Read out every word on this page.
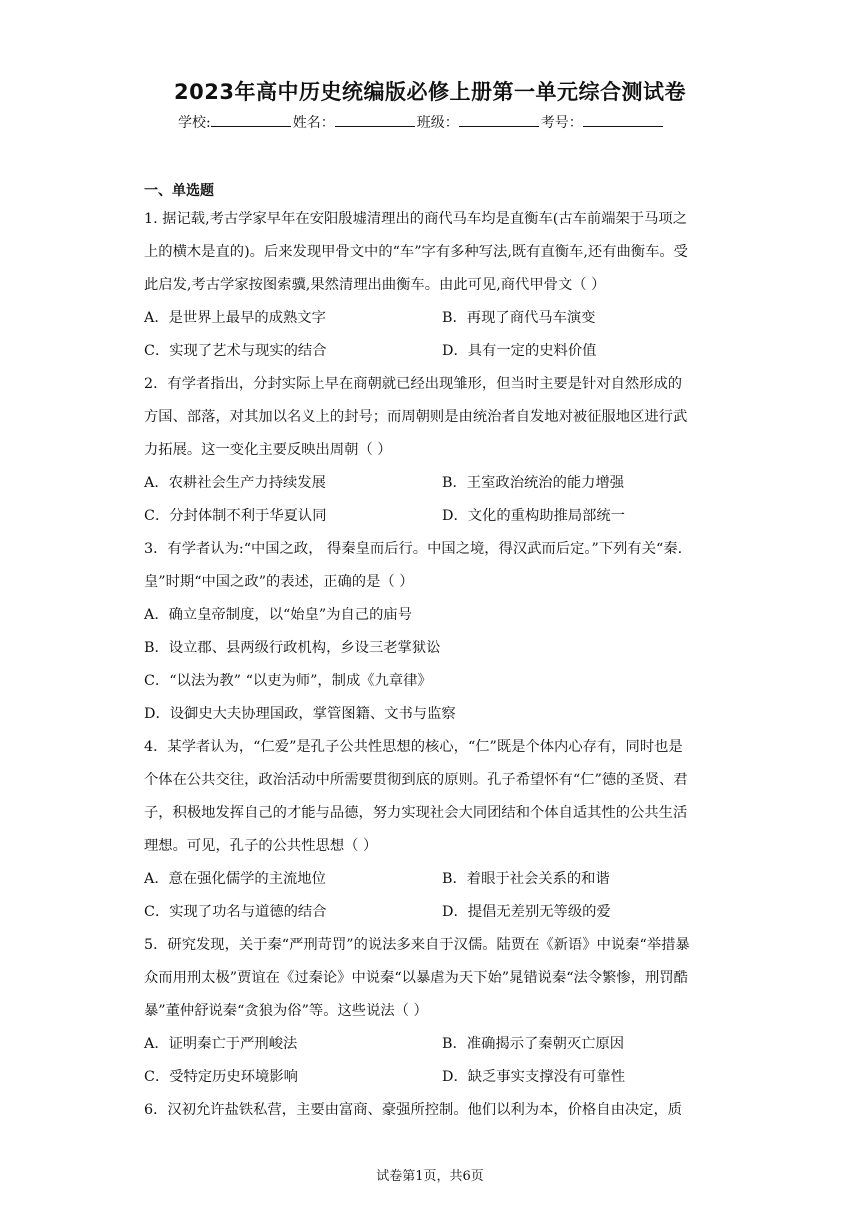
2023年高中历史统编版必修上册第一单元综合测试卷
学校:	姓名：	班级：	考号：
一、单选题

1. 据记载,考古学家早年在安阳殷墟清理出的商代马车均是直衡车(古车前端架于马项之

上的横木是直的)。后来发现甲骨文中的“车”字有多种写法,既有直衡车,还有曲衡车。受

此启发,考古学家按图索骥,果然清理出曲衡车。由此可见,商代甲骨文（ ）

A．是世界上最早的成熟文字	B．再现了商代马车演变
C．实现了艺术与现实的结合	D．具有一定的史料价值

2．有学者指出，分封实际上早在商朝就已经出现雏形，但当时主要是针对自然形成的

方国、部落，对其加以名义上的封号；而周朝则是由统治者自发地对被征服地区进行武

力拓展。这一变化主要反映出周朝（ ）

A．农耕社会生产力持续发展	B．王室政治统治的能力增强
C．分封体制不利于华夏认同	D．文化的重构助推局部统一

3．有学者认为:“中国之政， 得秦皇而后行。中国之境，得汉武而后定。”下列有关“秦.

皇”时期“中国之政”的表述，正确的是（ ）

A．确立皇帝制度，以“始皇”为自己的庙号
B．设立郡、县两级行政机构，乡设三老掌狱讼
C．“以法为教” “以吏为师”，制成《九章律》
D．设御史大夫协理国政，掌管图籍、文书与监察

4．某学者认为，“仁爱”是孔子公共性思想的核心，“仁”既是个体内心存有，同时也是

个体在公共交往，政治活动中所需要贯彻到底的原则。孔子希望怀有“仁”德的圣贤、君

子，积极地发挥自己的才能与品德，努力实现社会大同团结和个体自适其性的公共生活

理想。可见，孔子的公共性思想（ ）

A．意在强化儒学的主流地位	B．着眼于社会关系的和谐
C．实现了功名与道德的结合	D．提倡无差别无等级的爱

5．研究发现，关于秦“严刑苛罚”的说法多来自于汉儒。陆贾在《新语》中说秦“举措暴

众而用刑太极”贾谊在《过秦论》中说秦“以暴虐为天下始”晁错说秦“法令繁惨，刑罚酷

暴”董仲舒说秦“贪狼为俗”等。这些说法（ ）

A．证明秦亡于严刑峻法	B．准确揭示了秦朝灭亡原因
C．受特定历史环境影响	D．缺乏事实支撑没有可靠性

6．汉初允许盐铁私营，主要由富商、豪强所控制。他们以利为本，价格自由决定，质

试卷第1页，共6页
